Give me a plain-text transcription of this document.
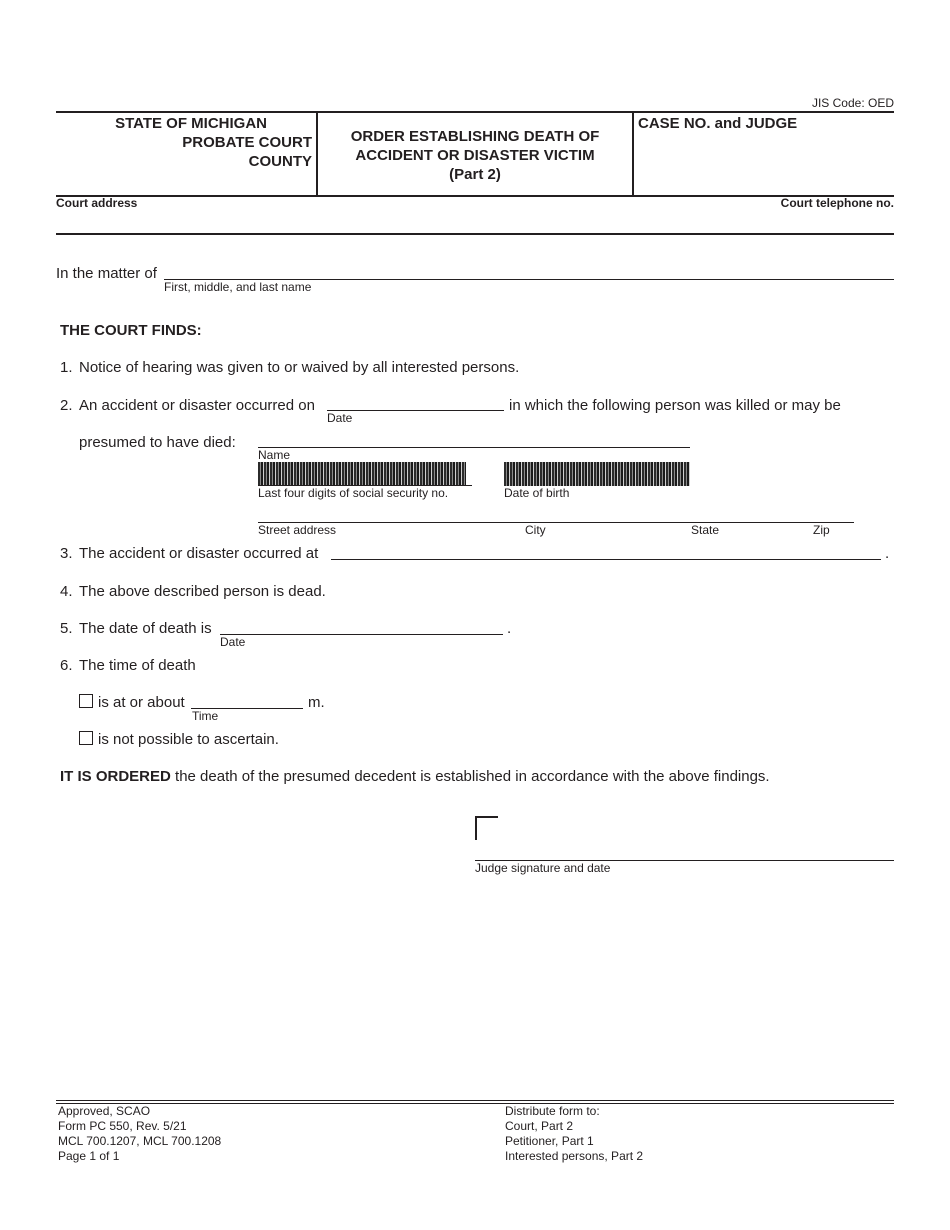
JIS Code: OED
STATE OF MICHIGAN
PROBATE COURT
COUNTY
ORDER ESTABLISHING DEATH OF
ACCIDENT OR DISASTER VICTIM
(Part 2)
CASE NO. and JUDGE
Court address	Court telephone no.
In the matter of
First, middle, and last name
THE COURT FINDS:
1. Notice of hearing was given to or waived by all interested persons.
2. An accident or disaster occurred on
Date
in which the following person was killed or may be
presumed to have died:
Name
Last four digits of social security no.	Date of birth
Street address	City	State	Zip
3. The accident or disaster occurred at	.
4. The above described person is dead.
5. The date of death is
Date
.
6. The time of death
is at or about
Time
m.
is not possible to ascertain.
IT IS ORDERED the death of the presumed decedent is established in accordance with the above findings.
Judge signature and date
Approved, SCAO
Form PC 550, Rev. 5/21
MCL 700.1207, MCL 700.1208
Page 1 of 1
Distribute form to:
Court, Part 2
Petitioner, Part 1
Interested persons, Part 2
